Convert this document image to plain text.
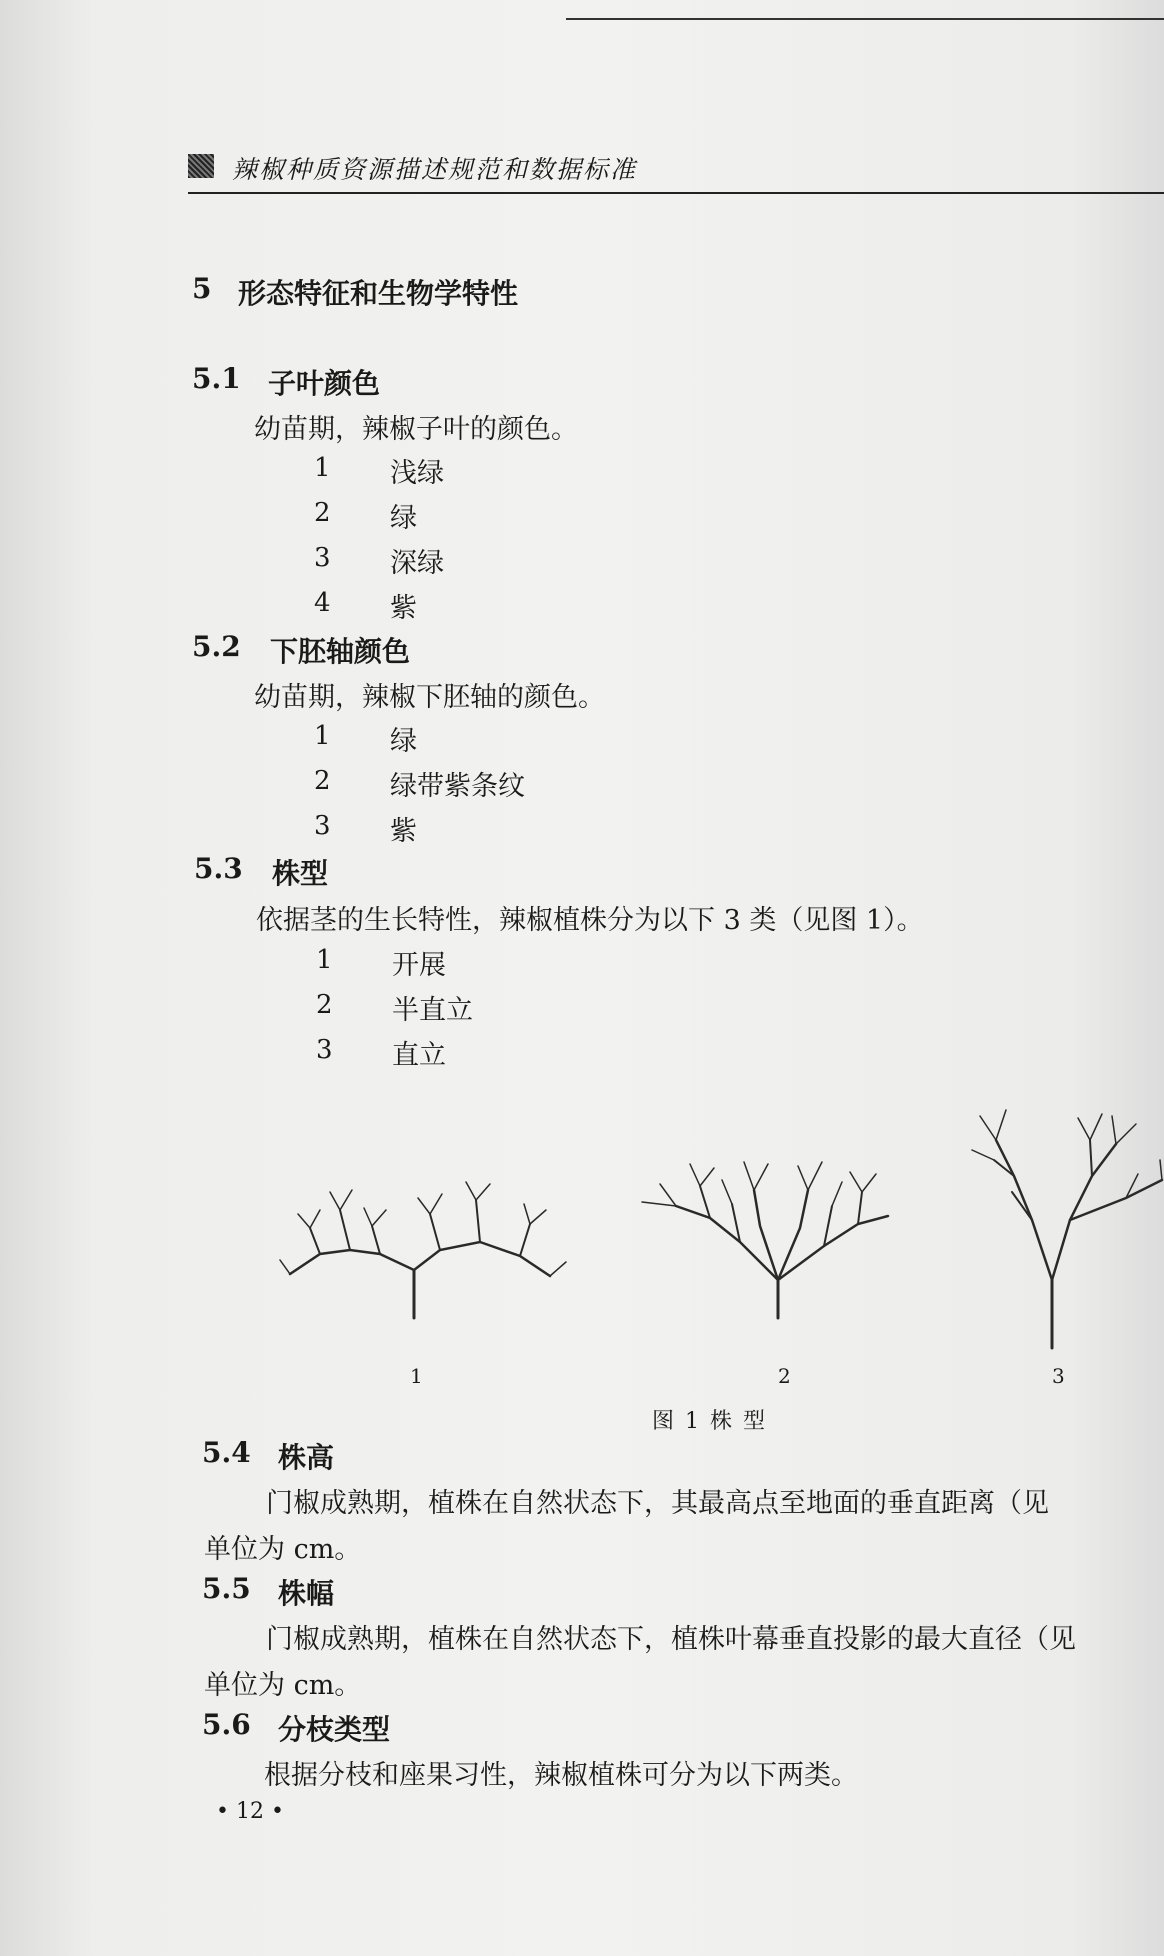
辣椒种质资源描述规范和数据标准
5 形态特征和生物学特性
5.1 子叶颜色
幼苗期，辣椒子叶的颜色。
1 浅绿
2 绿
3 深绿
4 紫
5.2 下胚轴颜色
幼苗期，辣椒下胚轴的颜色。
1 绿
2 绿带紫条纹
3 紫
5.3 株型
依据茎的生长特性，辣椒植株分为以下 3 类（见图 1）。
1 开展
2 半直立
3 直立
1	2	3
图 1 株 型
5.4 株高
门椒成熟期，植株在自然状态下，其最高点至地面的垂直距离（见
单位为 cm。
5.5 株幅
门椒成熟期，植株在自然状态下，植株叶幕垂直投影的最大直径（见
单位为 cm。
5.6 分枝类型
根据分枝和座果习性，辣椒植株可分为以下两类。
• 12 •
